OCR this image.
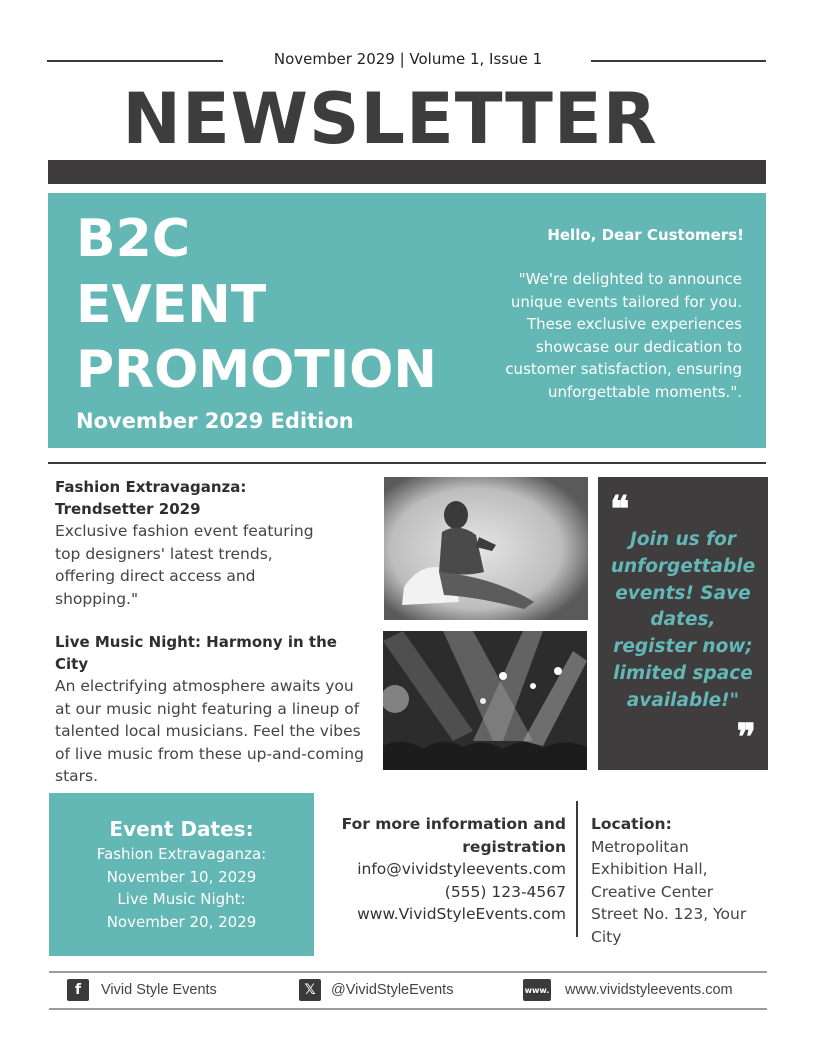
November 2029 | Volume 1, Issue 1
NEWSLETTER
B2C
EVENT
PROMOTION
November 2029 Edition
Hello, Dear Customers!
"We're delighted to announce unique events tailored for you. These exclusive experiences showcase our dedication to customer satisfaction, ensuring unforgettable moments.".
Fashion Extravaganza: Trendsetter 2029
Exclusive fashion event featuring top designers' latest trends, offering direct access and shopping."
Live Music Night: Harmony in the City
An electrifying atmosphere awaits you at our music night featuring a lineup of talented local musicians. Feel the vibes of live music from these up-and-coming stars.
❝
Join us for unforgettable events! Save dates, register now; limited space available!"
❞
Event Dates:
Fashion Extravaganza:
November 10, 2029
Live Music Night:
November 20, 2029
For more information and registration
info@vividstyleevents.com
(555) 123-4567
www.VividStyleEvents.com
Location:
Metropolitan Exhibition Hall, Creative Center Street No. 123, Your City
f	Vivid Style Events	𝕏	@VividStyleEvents	www. www.vividstyleevents.com
